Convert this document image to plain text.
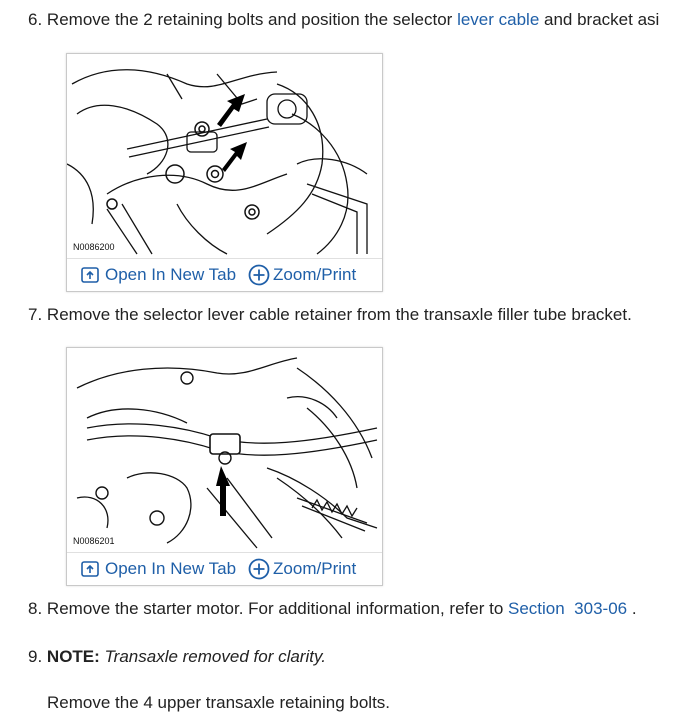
6. Remove the 2 retaining bolts and position the selector lever cable and bracket asi
N0086200
Open In New Tab Zoom/Print
7. Remove the selector lever cable retainer from the transaxle filler tube bracket.
N0086201
Open In New Tab Zoom/Print
8. Remove the starter motor. For additional information, refer to Section  303-06 .
9. NOTE: Transaxle removed for clarity.
Remove the 4 upper transaxle retaining bolts.
